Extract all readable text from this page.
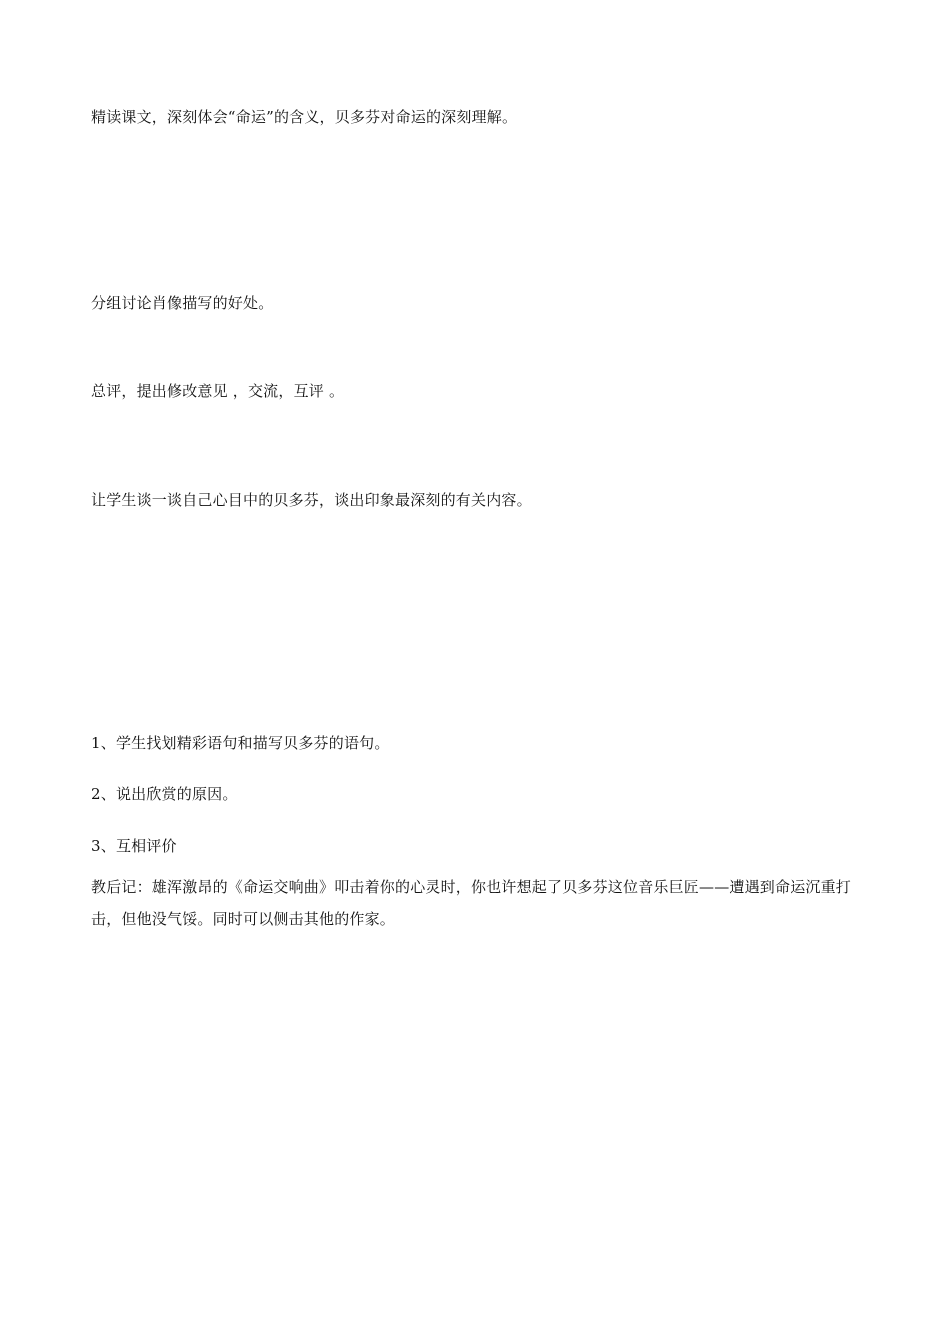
精读课文，深刻体会“命运”的含义，贝多芬对命运的深刻理解。
分组讨论肖像描写的好处。
总评，提出修改意见 ，交流，互评 。
让学生谈一谈自己心目中的贝多芬，谈出印象最深刻的有关内容。
1、学生找划精彩语句和描写贝多芬的语句。
2、说出欣赏的原因。
3、互相评价
教后记：雄浑激昂的《命运交响曲》叩击着你的心灵时，你也许想起了贝多芬这位音乐巨匠——遭遇到命运沉重打击，但他没气馁。同时可以侧击其他的作家。
